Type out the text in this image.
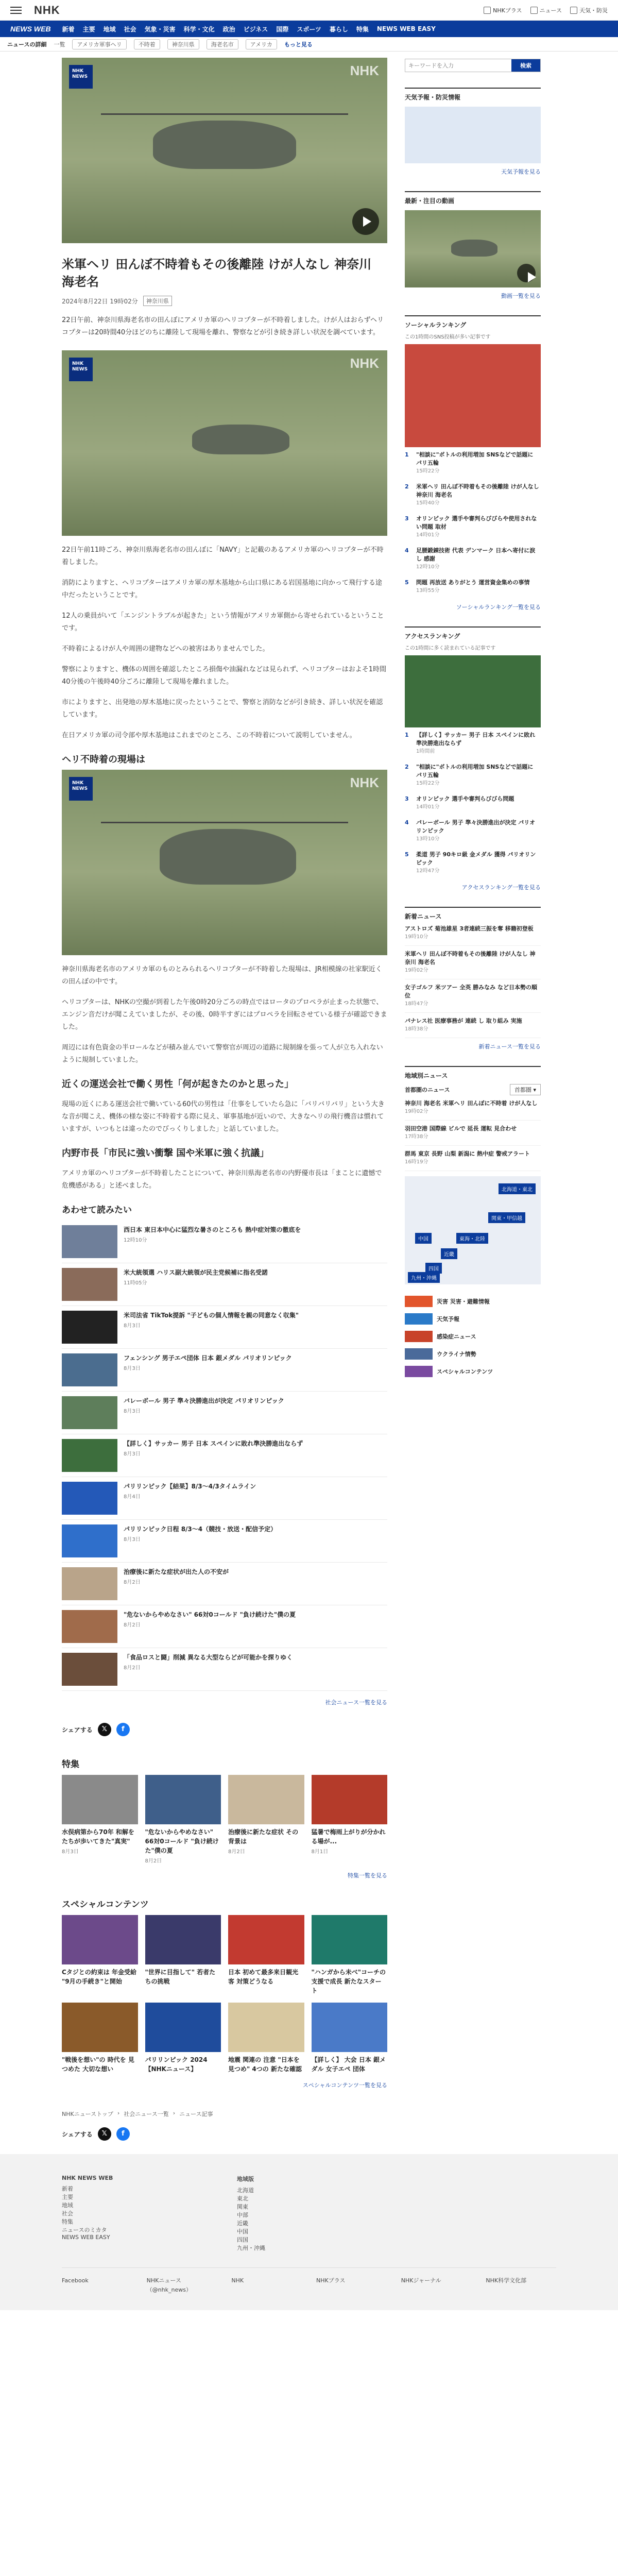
NHK	NHKプラス	ニュース	天気・防災
NEWS WEB 新着 主要 地域 社会 気象・災害 科学・文化 政治 ビジネス 国際 スポーツ 暮らし 特集 NEWS WEB EASY
ニュースの詳細 一覧	アメリカ軍事ヘリ	不時着	神奈川県	海老名市	アメリカ	もっと見る
NHK NEWS	NHK
米軍ヘリ 田んぼ不時着もその後離陸 けが人なし 神奈川 海老名
2024年8月22日 19時02分	神奈川県

22日午前、神奈川県海老名市の田んぼにアメリカ軍のヘリコプターが不時着しました。けが人はおらずヘリコプターは20時間40分ほどのちに離陸して現場を離れ、警察などが引き続き詳しい状況を調べています。

NHK NEWS	NHK

22日午前11時ごろ、神奈川県海老名市の田んぼに「NAVY」と記載のあるアメリカ軍のヘリコプターが不時着しました。

消防によりますと、ヘリコプターはアメリカ軍の厚木基地から山口県にある岩国基地に向かって飛行する途中だったということです。

12人の乗員がいて「エンジントラブルが起きた」という情報がアメリカ軍側から寄せられているということです。

不時着によるけが人や周囲の建物などへの被害はありませんでした。

警察によりますと、機体の周囲を確認したところ損傷や油漏れなどは見られず、ヘリコプターはおよそ1時間40分後の午後時40分ごろに離陸して現場を離れました。

市によりますと、出発地の厚木基地に戻ったということで、警察と消防などが引き続き、詳しい状況を確認しています。

在日アメリカ軍の司令部や厚木基地はこれまでのところ、この不時着について説明していません。

ヘリ不時着の現場は
NHK NEWS	NHK

神奈川県海老名市のアメリカ軍のものとみられるヘリコプターが不時着した現場は、JR相模線の社家駅近くの田んぼの中です。

ヘリコプターは、NHKの空撮が到着した午後0時20分ごろの時点ではロータのプロペラが止まった状態で、エンジン音だけが聞こえていましたが、その後、0時半すぎにはプロペラを回転させている様子が確認できました。

周辺には有色資金の半ロールなどが積み並んでいて警察官が周辺の道路に規制線を張って人が立ち入れないように規制していました。

近くの運送会社で働く男性「何が起きたのかと思った」

現場の近くにある運送会社で働いている60代の男性は「仕事をしていたら急に「バリバリバリ」という大きな音が聞こえ、機体の様な姿に不時着する際に見え、軍事基地が近いので、大きなヘリの飛行機音は慣れていますが、いつもとは違ったのでびっくりしました」と話していました。

内野市長「市民に強い衝撃 国や米軍に強く抗議」

アメリカ軍のヘリコプターが不時着したことについて、神奈川県海老名市の内野優市長は「まことに遺憾で危機感がある」と述べました。

あわせて読みたい
西日本 東日本中心に猛烈な暑さのところも 熱中症対策の徹底を
12時10分
米大統領選 ハリス副大統領が民主党候補に指名受諾
11時05分
米司法省 TikTok提訴 "子どもの個人情報を親の同意なく収集"
8月3日
フェンシング 男子エペ団体 日本 銀メダル パリオリンピック
8月3日
バレーボール 男子 準々決勝進出が決定 パリオリンピック
8月3日
【詳しく】サッカー 男子 日本 スペインに敗れ準決勝進出ならず
8月3日
パリリンピック【結果】8/3〜4/3タイムライン
8月4日
パリリンピック日程 8/3〜4（競技・放送・配信予定）
8月3日
治療後に新たな症状が出た人の不安が
8月2日
"危ないからやめなさい" 66対0コールド "負け続けた"僕の夏
8月2日
「食品ロスと闘」削減 異なる大型ならどが可能かを探りゆく
8月2日
社会ニュース一覧を見る
シェアする	𝕏	f
特集
水俣病第から70年 和解をたちが歩いてきた"真実"
8月3日
"危ないからやめなさい" 66対0コールド "負け続けた"僕の夏
8月2日
治療後に新たな症状 その背景は
8月2日
猛暑で梅雨上がりが分かれる場が...
8月1日
特集一覧を見る
スペシャルコンテンツ
Cタジとの約束は 年金受給 "9月の手続き"と開始
"世界に目指して" 若者たちの挑戦
日本 初めて最多来日観光客 対策どうなる
"ハンガから未べ"コーチの 支援で成長 新たなスタート
"戦後を想い"の 時代を 見つめた 大切な想い
パリリンピック 2024【NHKニュース】
地震 関連の 注意 "日本を見つめ" 4つの 新たな確認
【詳しく】 大会 日本 銀メダル 女子エペ 団体
スペシャルコンテンツ一覧を見る
NHKニューストップ › 社会ニュース一覧 › ニュース記事
シェアする	𝕏	f
キーワードを入力
検索
天気予報・防災情報
天気予報を見る
最新・注目の動画
動画一覧を見る
ソーシャルランキング
この1時間のSNS投稿が多い記事です
1	"相談に"ボトルの利用増加 SNSなどで話題に パリ五輪
15時22分
2	米軍ヘリ 田んぼ不時着もその後離陸 けが人なし 神奈川 海老名
15時40分
3	オリンピック 選手や審判らびびらや使用されない問題 取材
14時01分
4	足腰鍛錬技術 代表 デンマーク 日本へ寄付に涙し 感謝
12時10分
5	問題 再放送 ありがとう 運営資金集めの事情
13時55分
ソーシャルランキング一覧を見る
アクセスランキング
この1時間に多く読まれている記事です
1	【詳しく】サッカー 男子 日本 スペインに敗れ準決勝進出ならず
1時間前
2	"相談に"ボトルの利用増加 SNSなどで話題に パリ五輪
15時22分
3	オリンピック 選手や審判らびびら問題
14時01分
4	パレーボール 男子 準々決勝進出が決定 パリオリンピック
13時10分
5	柔道 男子 90キロ級 金メダル 獲得 パリオリンピック
12時47分
アクセスランキング一覧を見る
新着ニュース
アストロズ 菊池雄星 3者連続三振を奪 移籍初登板
19時10分
米軍ヘリ 田んぼ不時着もその後離陸 けが人なし 神奈川 海老名
19時02分
女子ゴルフ 米ツアー 全英 勝みなみ など日本勢の順位
18時47分
パナレス社 医療事務が 連続 し 取り組み 実施
18時38分
新着ニュース一覧を見る
地域別ニュース
首都圏のニュース	首都圏 ▾
神奈川 海老名 米軍ヘリ 田んぼに不時着 けが人なし
19時02分
羽田空港 国際線 ビルで 延長 運転 見合わせ
17時38分
群馬 東京 長野 山梨 新潟に 熱中症 警戒アラート
16時19分
北海道・東北
関東・甲信越
東海・北陸
近畿
中国
四国
九州・沖縄
災害 災害・避難情報
天気予報
感染症ニュース
ウクライナ情勢
スペシャルコンテンツ
NHK NEWS WEB
新着
主要
地域
社会
特集
ニュースのミカタ
NEWS WEB EASY
地域版
北海道
東北
関東
中部
近畿
中国
四国
九州・沖縄
Facebook	NHKニュース（@nhk_news）
NHK	NHKプラス	NHKジャーナル	NHK科学文化部
